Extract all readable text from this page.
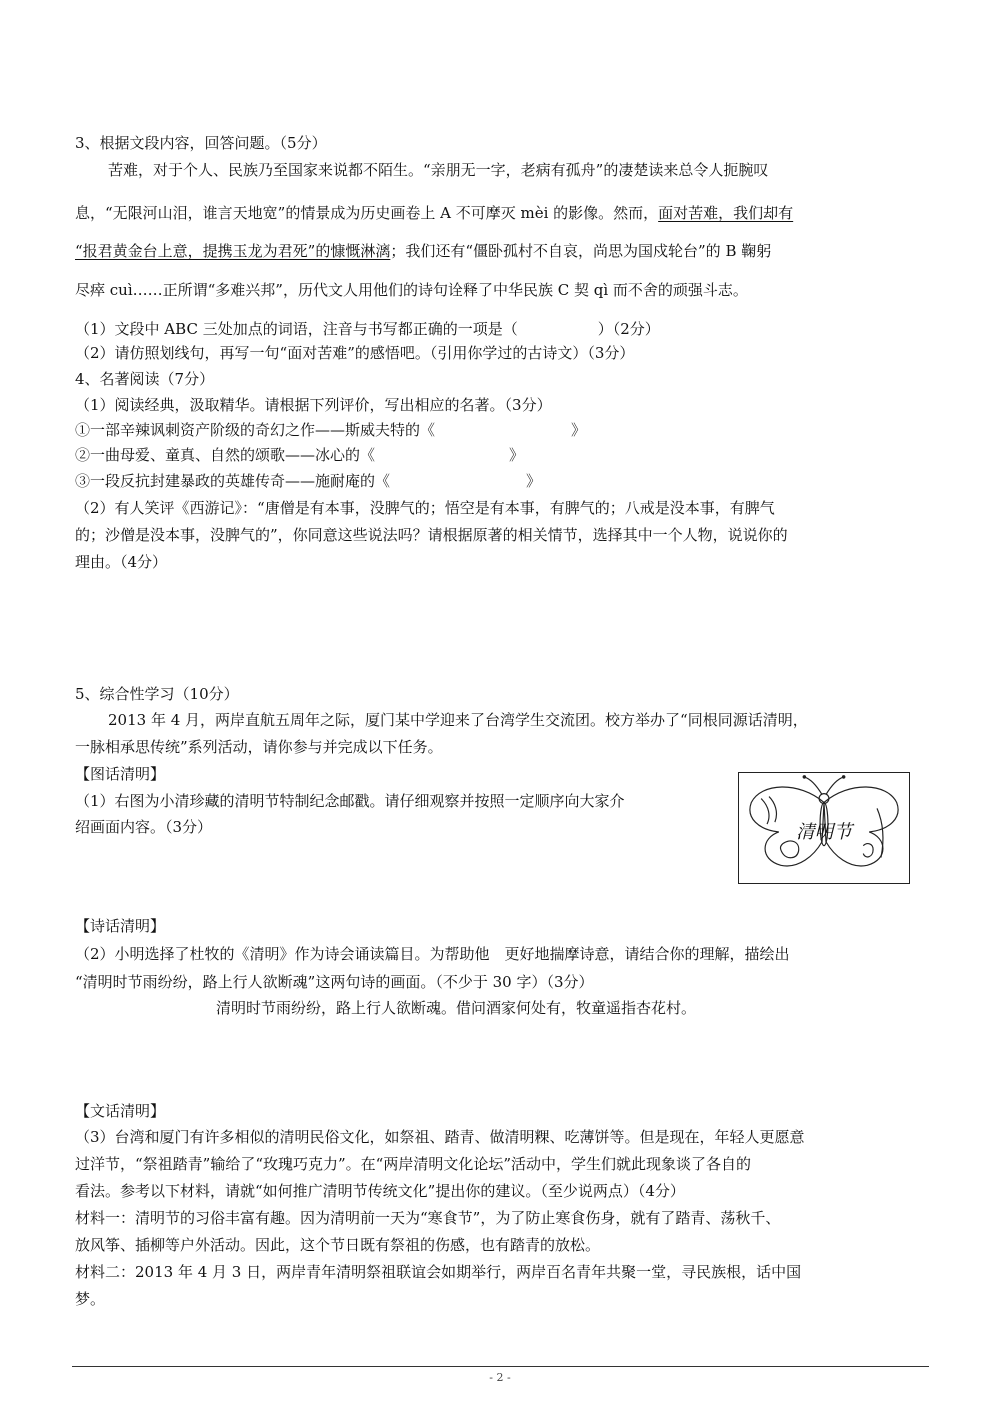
3、根据文段内容，回答问题。（5分）
苦难，对于个人、民族乃至国家来说都不陌生。“亲朋无一字，老病有孤舟”的凄楚读来总令人扼腕叹
息，“无限河山泪，谁言天地宽”的情景成为历史画卷上 A 不可摩灭 mèi 的影像。然而，面对苦难，我们却有
“报君黄金台上意，提携玉龙为君死”的慷慨淋漓；我们还有“僵卧孤村不自哀，尚思为国戍轮台”的 B 鞠躬
尽瘁 cuì……正所谓“多难兴邦”，历代文人用他们的诗句诠释了中华民族 C 契 qì 而不舍的顽强斗志。
（1）文段中 ABC 三处加点的词语，注音与书写都正确的一项是（	）（2分）
（2）请仿照划线句，再写一句“面对苦难”的感悟吧。（引用你学过的古诗文）（3分）
4、名著阅读（7分）
（1）阅读经典，汲取精华。请根据下列评价，写出相应的名著。（3分）
①一部辛辣讽刺资产阶级的奇幻之作——斯威夫特的《	》
②一曲母爱、童真、自然的颂歌——冰心的《	》
③一段反抗封建暴政的英雄传奇——施耐庵的《	》
（2）有人笑评《西游记》：“唐僧是有本事，没脾气的；悟空是有本事，有脾气的；八戒是没本事，有脾气
的；沙僧是没本事，没脾气的”，你同意这些说法吗？请根据原著的相关情节，选择其中一个人物，说说你的
理由。（4分）
5、综合性学习（10分）
2013 年 4 月，两岸直航五周年之际，厦门某中学迎来了台湾学生交流团。校方举办了“同根同源话清明，
一脉相承思传统”系列活动，请你参与并完成以下任务。
【图话清明】
（1）右图为小清珍藏的清明节特制纪念邮戳。请仔细观察并按照一定顺序向大家介
绍画面内容。（3分）	清明节
【诗话清明】
（2）小明选择了杜牧的《清明》作为诗会诵读篇目。为帮助他　更好地揣摩诗意，请结合你的理解，描绘出
“清明时节雨纷纷，路上行人欲断魂”这两句诗的画面。（不少于 30 字）（3分）
清明时节雨纷纷，路上行人欲断魂。借问酒家何处有，牧童遥指杏花村。
【文话清明】
（3）台湾和厦门有许多相似的清明民俗文化，如祭祖、踏青、做清明粿、吃薄饼等。但是现在，年轻人更愿意
过洋节，“祭祖踏青”输给了“玫瑰巧克力”。在“两岸清明文化论坛”活动中，学生们就此现象谈了各自的
看法。参考以下材料，请就“如何推广清明节传统文化”提出你的建议。（至少说两点）（4分）
材料一：清明节的习俗丰富有趣。因为清明前一天为“寒食节”，为了防止寒食伤身，就有了踏青、荡秋千、
放风筝、插柳等户外活动。因此，这个节日既有祭祖的伤感，也有踏青的放松。
材料二：2013 年 4 月 3 日，两岸青年清明祭祖联谊会如期举行，两岸百名青年共聚一堂，寻民族根，话中国
梦。
- 2 -
